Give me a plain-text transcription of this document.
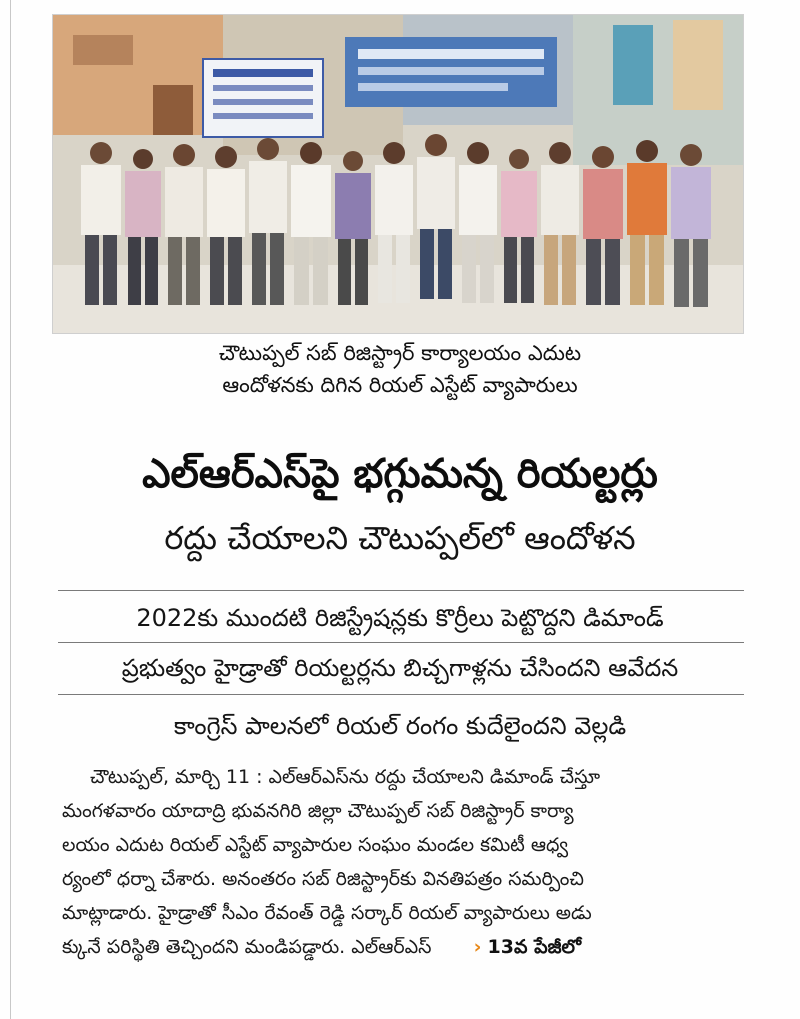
చౌటుప్పల్ సబ్ రిజిస్ట్రార్ కార్యాలయం ఎదుట
ఆందోళనకు దిగిన రియల్ ఎస్టేట్ వ్యాపారులు
ఎల్ఆర్ఎస్‌పై భగ్గుమన్న రియల్టర్లు
రద్దు చేయాలని చౌటుప్పల్‌లో ఆందోళన
2022కు ముందటి రిజిస్ట్రేషన్లకు కొర్రీలు పెట్టొద్దని డిమాండ్
ప్రభుత్వం హైడ్రాతో రియల్టర్లను బిచ్చగాళ్లను చేసిందని ఆవేదన
కాంగ్రెస్ పాలనలో రియల్ రంగం కుదేలైందని వెల్లడి
చౌటుప్పల్, మార్చి 11 : ఎల్ఆర్ఎస్‌ను రద్దు చేయాలని డిమాండ్ చేస్తూ
మంగళవారం యాదాద్రి భువనగిరి జిల్లా చౌటుప్పల్ సబ్ రిజిస్ట్రార్ కార్యా
లయం ఎదుట రియల్ ఎస్టేట్ వ్యాపారుల సంఘం మండల కమిటీ ఆధ్వ
ర్యంలో ధర్నా చేశారు. అనంతరం సబ్ రిజిస్ట్రార్‌కు వినతిపత్రం సమర్పించి
మాట్లాడారు. హైడ్రాతో సీఎం రేవంత్ రెడ్డి సర్కార్ రియల్ వ్యాపారులు అడు
క్కునే పరిస్థితి తెచ్చిందని మండిపడ్డారు. ఎల్ఆర్ఎస్ › 13వ పేజీలో
